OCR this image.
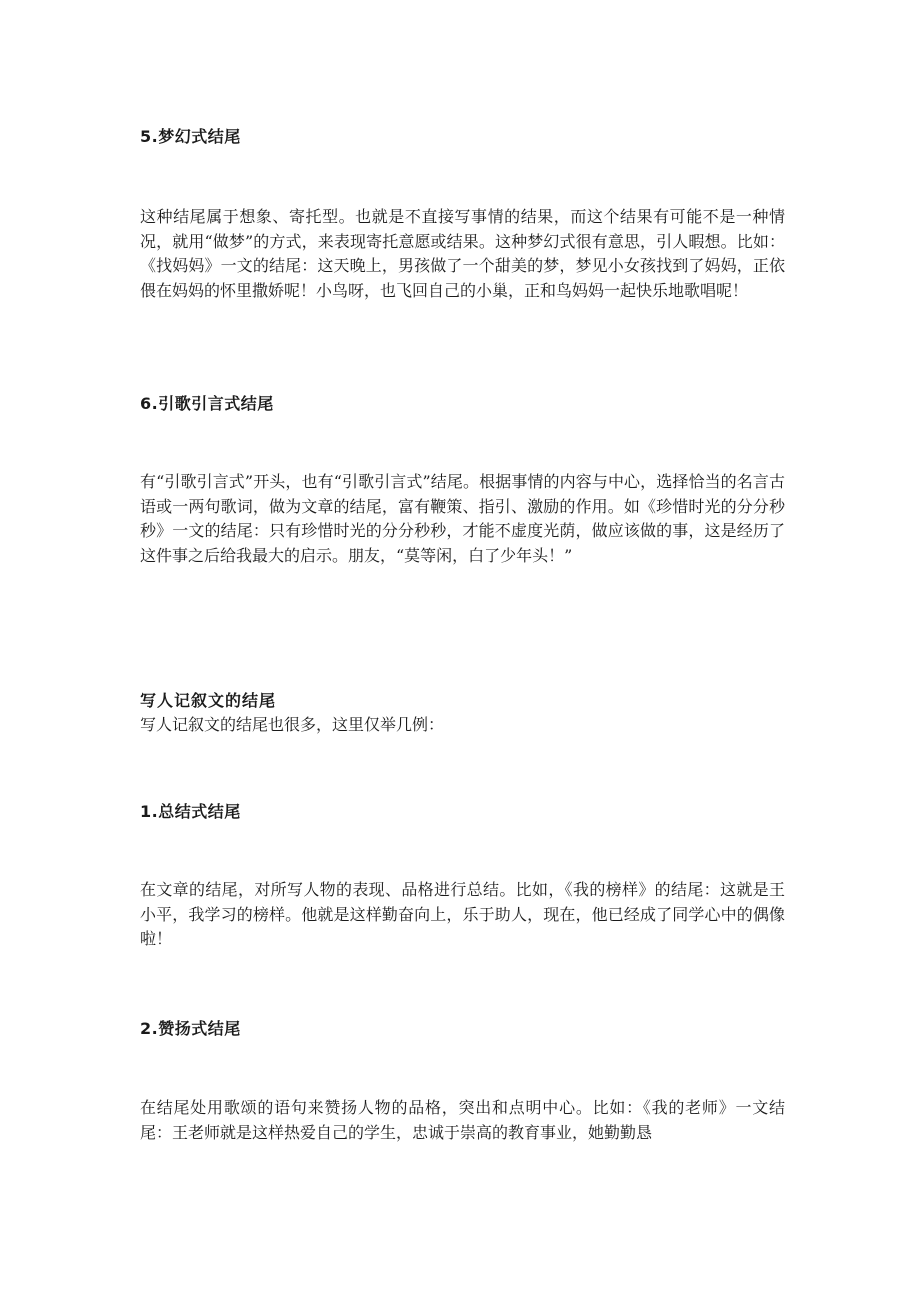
5.梦幻式结尾

这种结尾属于想象、寄托型。也就是不直接写事情的结果，而这个结果有可能不是一种情况，就用“做梦”的方式，来表现寄托意愿或结果。这种梦幻式很有意思，引人暇想。比如：《找妈妈》一文的结尾：这天晚上，男孩做了一个甜美的梦，梦见小女孩找到了妈妈，正依偎在妈妈的怀里撒娇呢！小鸟呀，也飞回自己的小巢，正和鸟妈妈一起快乐地歌唱呢！

6.引歌引言式结尾

有“引歌引言式”开头，也有“引歌引言式”结尾。根据事情的内容与中心，选择恰当的名言古语或一两句歌词，做为文章的结尾，富有鞭策、指引、激励的作用。如《珍惜时光的分分秒秒》一文的结尾：只有珍惜时光的分分秒秒，才能不虚度光荫，做应该做的事，这是经历了这件事之后给我最大的启示。朋友，“莫等闲，白了少年头！”

写人记叙文的结尾
写人记叙文的结尾也很多，这里仅举几例：
1.总结式结尾

在文章的结尾，对所写人物的表现、品格进行总结。比如，《我的榜样》的结尾：这就是王小平，我学习的榜样。他就是这样勤奋向上，乐于助人，现在，他已经成了同学心中的偶像啦！

2.赞扬式结尾

在结尾处用歌颂的语句来赞扬人物的品格，突出和点明中心。比如：《我的老师》一文结尾：王老师就是这样热爱自己的学生，忠诚于崇高的教育事业，她勤勤恳
